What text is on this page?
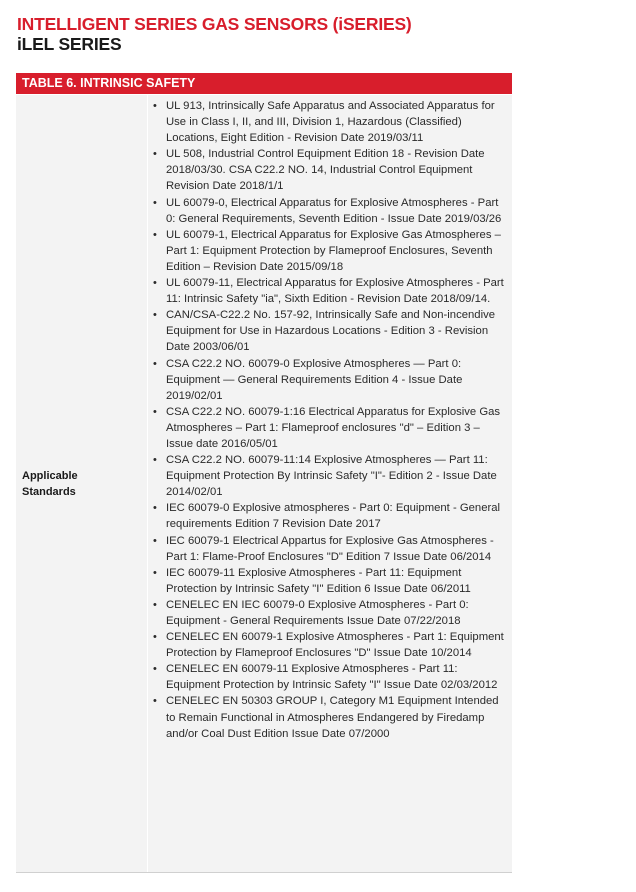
INTELLIGENT SERIES GAS SENSORS (iSERIES)
iLEL SERIES
TABLE 6. INTRINSIC SAFETY
Applicable Standards
• UL 913, Intrinsically Safe Apparatus and Associated Apparatus for Use in Class I, II, and III, Division 1, Hazardous (Classified) Locations, Eight Edition - Revision Date 2019/03/11
• UL 508, Industrial Control Equipment Edition 18 - Revision Date 2018/03/30. CSA C22.2 NO. 14, Industrial Control Equipment Revision Date 2018/1/1
• UL 60079-0, Electrical Apparatus for Explosive Atmospheres - Part 0: General Requirements, Seventh Edition - Issue Date 2019/03/26
• UL 60079-1, Electrical Apparatus for Explosive Gas Atmospheres – Part 1: Equipment Protection by Flameproof Enclosures, Seventh Edition – Revision Date 2015/09/18
• UL 60079-11, Electrical Apparatus for Explosive Atmospheres - Part 11: Intrinsic Safety "ia", Sixth Edition - Revision Date 2018/09/14.
• CAN/CSA-C22.2 No. 157-92, Intrinsically Safe and Non-incendive Equipment for Use in Hazardous Locations - Edition 3 - Revision Date 2003/06/01
• CSA C22.2 NO. 60079-0 Explosive Atmospheres — Part 0: Equipment — General Requirements Edition 4 - Issue Date 2019/02/01
• CSA C22.2 NO. 60079-1:16 Electrical Apparatus for Explosive Gas Atmospheres – Part 1: Flameproof enclosures "d" – Edition 3 – Issue date 2016/05/01
• CSA C22.2 NO. 60079-11:14 Explosive Atmospheres — Part 11: Equipment Protection By Intrinsic Safety "I"- Edition 2 - Issue Date 2014/02/01
• IEC 60079-0 Explosive atmospheres - Part 0: Equipment - General requirements Edition 7 Revision Date 2017
• IEC 60079-1 Electrical Appartus for Explosive Gas Atmospheres - Part 1: Flame-Proof Enclosures "D" Edition 7 Issue Date 06/2014
• IEC 60079-11 Explosive Atmospheres - Part 11: Equipment Protection by Intrinsic Safety "I" Edition 6 Issue Date 06/2011
• CENELEC EN IEC 60079-0 Explosive Atmospheres - Part 0: Equipment - General Requirements Issue Date 07/22/2018
• CENELEC EN 60079-1 Explosive Atmospheres - Part 1: Equipment Protection by Flameproof Enclosures "D" Issue Date 10/2014
• CENELEC EN 60079-11 Explosive Atmospheres - Part 11: Equipment Protection by Intrinsic Safety "I" Issue Date 02/03/2012
• CENELEC EN 50303 GROUP I, Category M1 Equipment Intended to Remain Functional in Atmospheres Endangered by Firedamp and/or Coal Dust Edition Issue Date 07/2000
